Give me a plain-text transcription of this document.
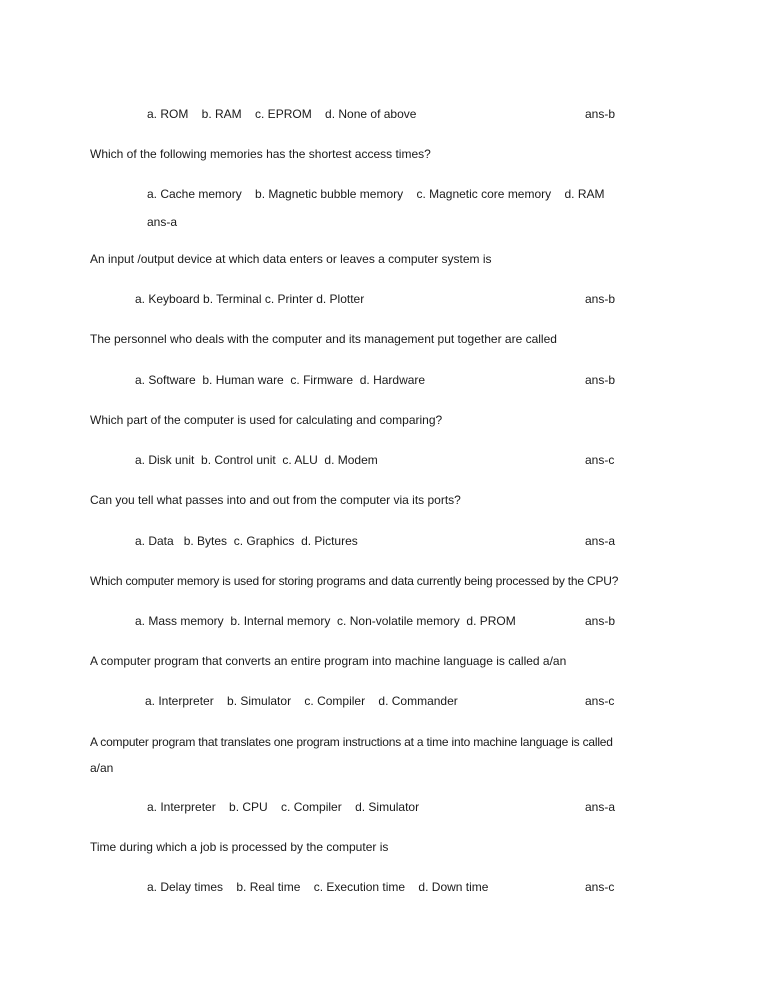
a. ROM    b. RAM    c. EPROM    d. None of above	ans-b
Which of the following memories has the shortest access times?
a. Cache memory    b. Magnetic bubble memory    c. Magnetic core memory    d. RAM
ans-a
An input /output device at which data enters or leaves a computer system is
a. Keyboard b. Terminal c. Printer d. Plotter	ans-b
The personnel who deals with the computer and its management put together are called
a. Software  b. Human ware  c. Firmware  d. Hardware	ans-b
Which part of the computer is used for calculating and comparing?
a. Disk unit  b. Control unit  c. ALU  d. Modem	ans-c
Can you tell what passes into and out from the computer via its ports?
a. Data   b. Bytes  c. Graphics  d. Pictures	ans-a
Which computer memory is used for storing programs and data currently being processed by the CPU?
a. Mass memory  b. Internal memory  c. Non-volatile memory  d. PROM	ans-b
A computer program that converts an entire program into machine language is called a/an
a. Interpreter    b. Simulator    c. Compiler    d. Commander	ans-c
A computer program that translates one program instructions at a time into machine language is called
a/an
a. Interpreter    b. CPU    c. Compiler    d. Simulator	ans-a
Time during which a job is processed by the computer is
a. Delay times    b. Real time    c. Execution time    d. Down time	ans-c
